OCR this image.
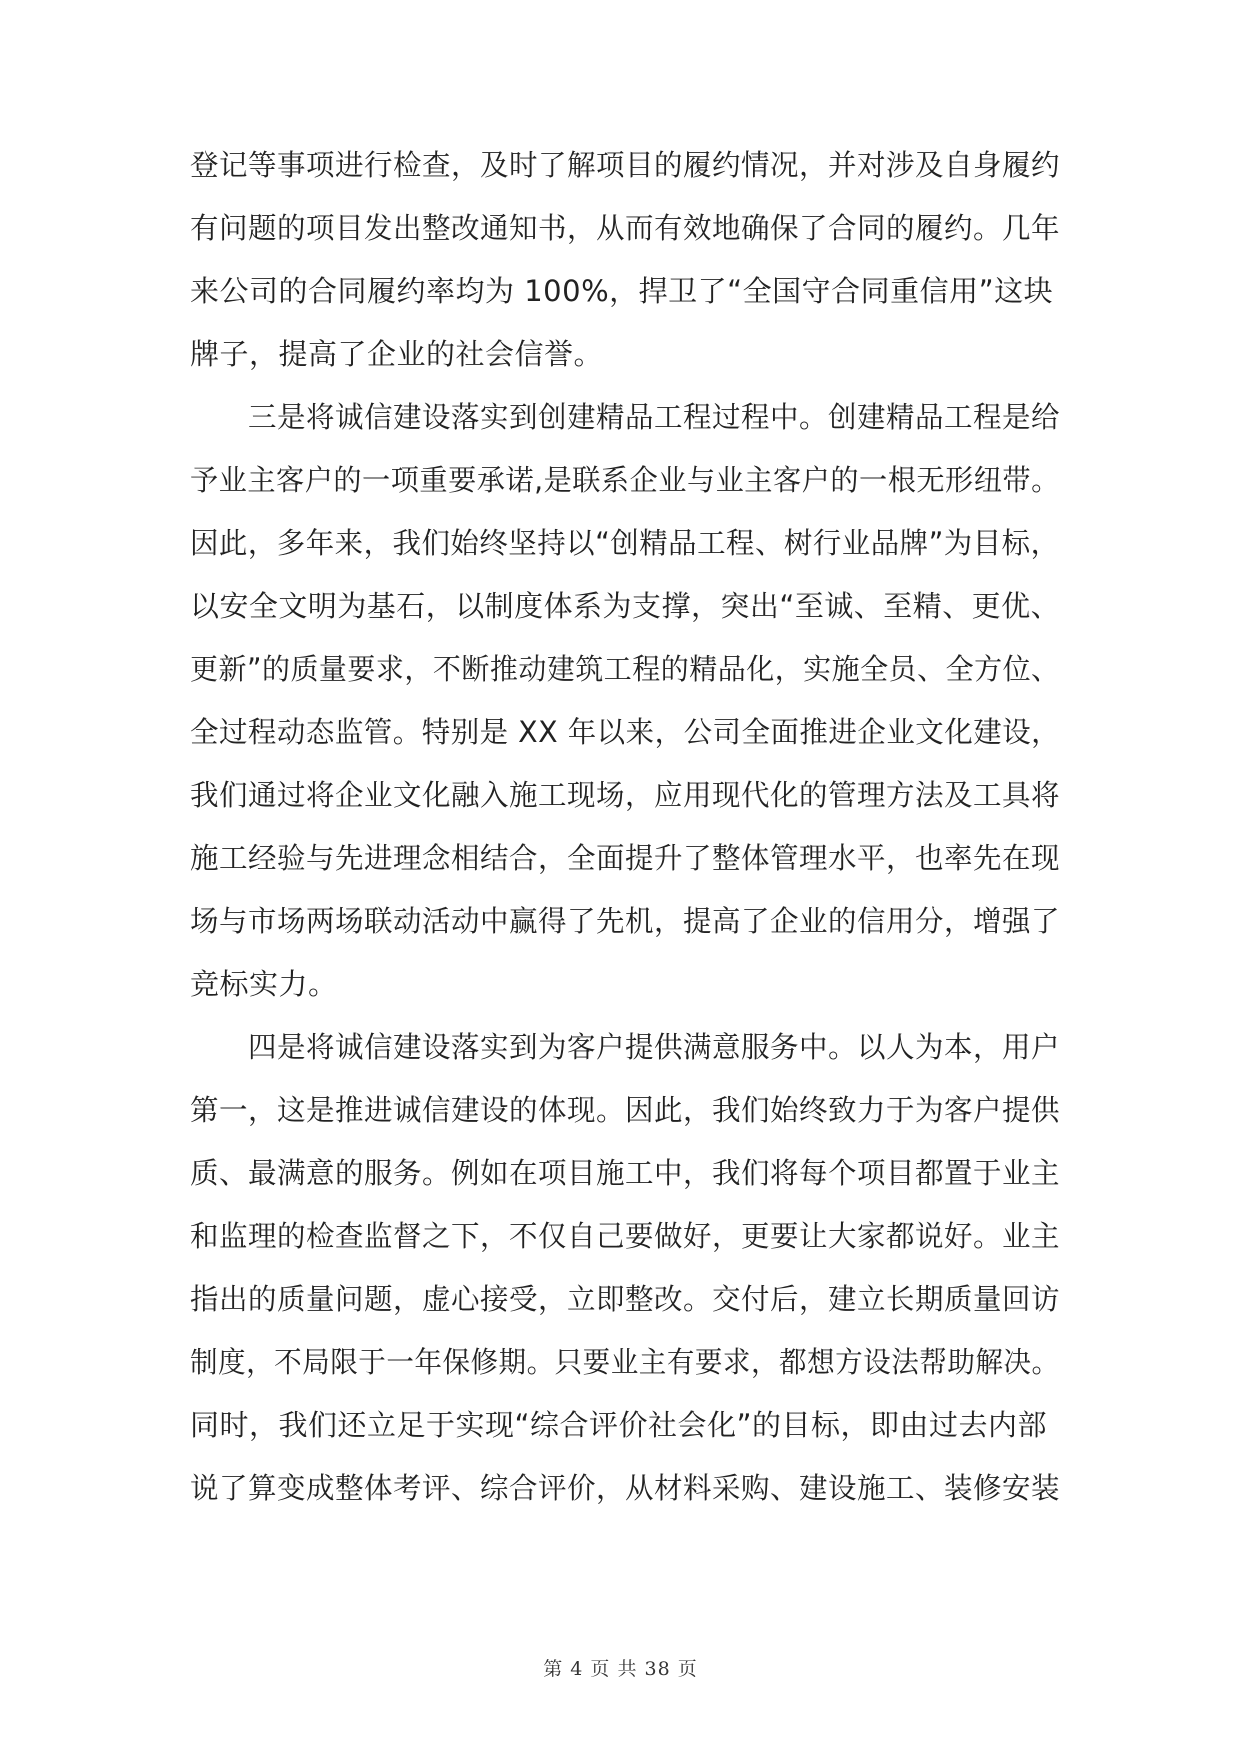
登记等事项进行检查，及时了解项目的履约情况，并对涉及自身履约
有问题的项目发出整改通知书，从而有效地确保了合同的履约。几年
来公司的合同履约率均为 100%，捍卫了“全国守合同重信用”这块
牌子，提高了企业的社会信誉。
三是将诚信建设落实到创建精品工程过程中。创建精品工程是给
予业主客户的一项重要承诺,是联系企业与业主客户的一根无形纽带。
因此，多年来，我们始终坚持以“创精品工程、树行业品牌”为目标，
以安全文明为基石，以制度体系为支撑，突出“至诚、至精、更优、
更新”的质量要求，不断推动建筑工程的精品化，实施全员、全方位、
全过程动态监管。特别是 XX 年以来，公司全面推进企业文化建设，
我们通过将企业文化融入施工现场，应用现代化的管理方法及工具将
施工经验与先进理念相结合，全面提升了整体管理水平，也率先在现
场与市场两场联动活动中赢得了先机，提高了企业的信用分，增强了
竞标实力。
四是将诚信建设落实到为客户提供满意服务中。以人为本，用户
第一，这是推进诚信建设的体现。因此，我们始终致力于为客户提供
质、最满意的服务。例如在项目施工中，我们将每个项目都置于业主
和监理的检查监督之下，不仅自己要做好，更要让大家都说好。业主
指出的质量问题，虚心接受，立即整改。交付后，建立长期质量回访
制度，不局限于一年保修期。只要业主有要求，都想方设法帮助解决。
同时，我们还立足于实现“综合评价社会化”的目标，即由过去内部
说了算变成整体考评、综合评价，从材料采购、建设施工、装修安装
第 4 页 共 38 页
